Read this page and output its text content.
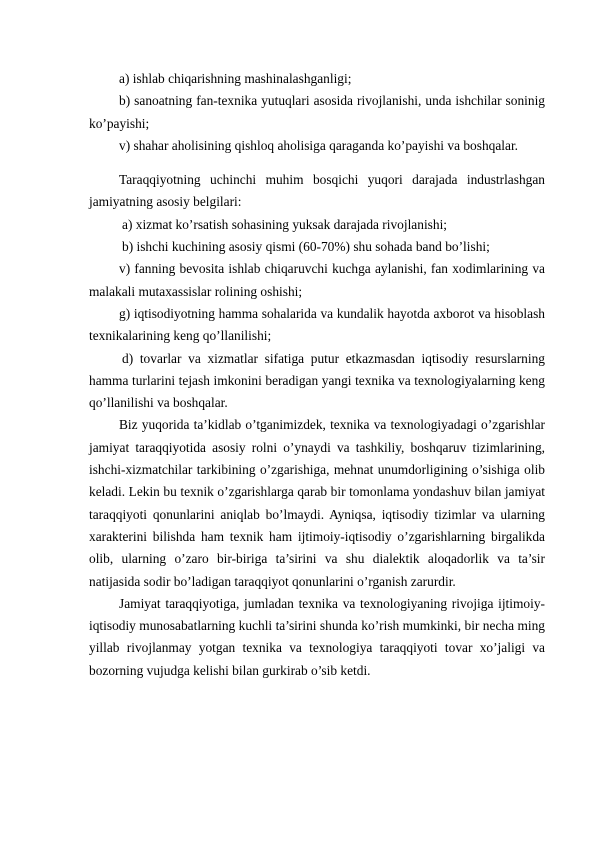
a) ishlab chiqarishning mashinalashganligi;

b) sanoatning fan-texnika yutuqlari asosida rivojlanishi, unda ishchilar soninig ko’payishi;

v) shahar aholisining qishloq aholisiga qaraganda ko’payishi va boshqalar.

Taraqqiyotning uchinchi muhim bosqichi yuqori darajada industrlashgan jamiyatning asosiy belgilari:

a) xizmat ko’rsatish sohasining yuksak darajada rivojlanishi;

b) ishchi kuchining asosiy qismi (60-70%) shu sohada band bo’lishi;

v) fanning bevosita ishlab chiqaruvchi kuchga aylanishi, fan xodimlarining va malakali mutaxassislar rolining oshishi;

g) iqtisodiyotning hamma sohalarida va kundalik hayotda axborot va hisoblash texnikalarining keng qo’llanilishi;

d) tovarlar va xizmatlar sifatiga putur etkazmasdan iqtisodiy resurslarning hamma turlarini tejash imkonini beradigan yangi texnika va texnologiyalarning keng qo’llanilishi va boshqalar.

Biz yuqorida ta’kidlab o’tganimizdek, texnika va texnologiyadagi o’zgarishlar jamiyat taraqqiyotida asosiy rolni o’ynaydi va tashkiliy, boshqaruv tizimlarining, ishchi-xizmatchilar tarkibining o’zgarishiga, mehnat unumdorligining o’sishiga olib keladi. Lekin bu texnik o’zgarishlarga qarab bir tomonlama yondashuv bilan jamiyat taraqqiyoti qonunlarini aniqlab bo’lmaydi. Ayniqsa, iqtisodiy tizimlar va ularning xarakterini bilishda ham texnik ham ijtimoiy-iqtisodiy o’zgarishlarning birgalikda olib, ularning o’zaro bir-biriga ta’sirini va shu dialektik aloqadorlik va ta’sir natijasida sodir bo’ladigan taraqqiyot qonunlarini o’rganish zarurdir.

Jamiyat taraqqiyotiga, jumladan texnika va texnologiyaning rivojiga ijtimoiy- iqtisodiy munosabatlarning kuchli ta’sirini shunda ko’rish mumkinki, bir necha ming yillab rivojlanmay yotgan texnika va texnologiya taraqqiyoti tovar xo’jaligi va bozorning vujudga kelishi bilan gurkirab o’sib ketdi.
